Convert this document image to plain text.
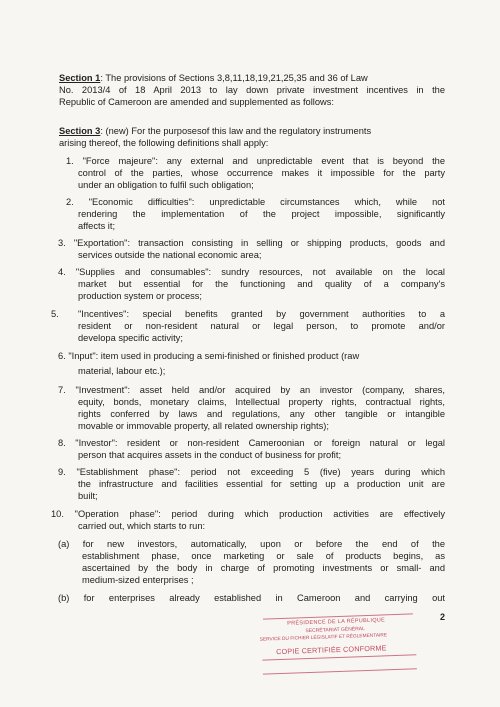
Section 1: The provisions of Sections 3,8,11,18,19,21,25,35 and 36 of Law
No. 2013/4 of 18 April 2013 to lay down private investment incentives in the
Republic of Cameroon are amended and supplemented as follows:
Section 3: (new) For the purposesof this law and the regulatory instruments
arising thereof, the following definitions shall apply:
1. "Force majeure": any external and unpredictable event that is beyond the
control of the parties, whose occurrence makes it impossible for the party
under an obligation to fulfil such obligation;
2. "Economic difficulties": unpredictable circumstances which, while not
rendering the implementation of the project impossible, significantly
affects it;
3. "Exportation": transaction consisting in selling or shipping products, goods and
services outside the national economic area;
4. "Supplies and consumables": sundry resources, not available on the local
market but essential for the functioning and quality of a company's
production system or process;
5. "Incentives": special benefits granted by government authorities to a
resident or non-resident natural or legal person, to promote and/or
developa specific activity;
6. "Input": item used in producing a semi-finished or finished product (raw
material, labour etc.);
7. "Investment": asset held and/or acquired by an investor (company, shares,
equity, bonds, monetary claims, Intellectual property rights, contractual rights,
rights conferred by laws and regulations, any other tangible or intangible
movable or immovable property, all related ownership rights);
8. "Investor": resident or non-resident Cameroonian or foreign natural or legal
person that acquires assets in the conduct of business for profit;
9. "Establishment phase": period not exceeding 5 (five) years during which
the infrastructure and facilities essential for setting up a production unit are
built;
10. "Operation phase": period during which production activities are effectively
carried out, which starts to run:
(a) for new investors, automatically, upon or before the end of the
establishment phase, once marketing or sale of products begins, as
ascertained by the body in charge of promoting investments or small- and
medium-sized enterprises ;
(b) for enterprises already established in Cameroon and carrying out
2
PRÉSIDENCE DE LA RÉPUBLIQUE
SECRÉTARIAT GÉNÉRAL
SERVICE DU FICHIER LÉGISLATIF ET RÉGLEMENTAIRE
COPIE CERTIFIÉE CONFORME
